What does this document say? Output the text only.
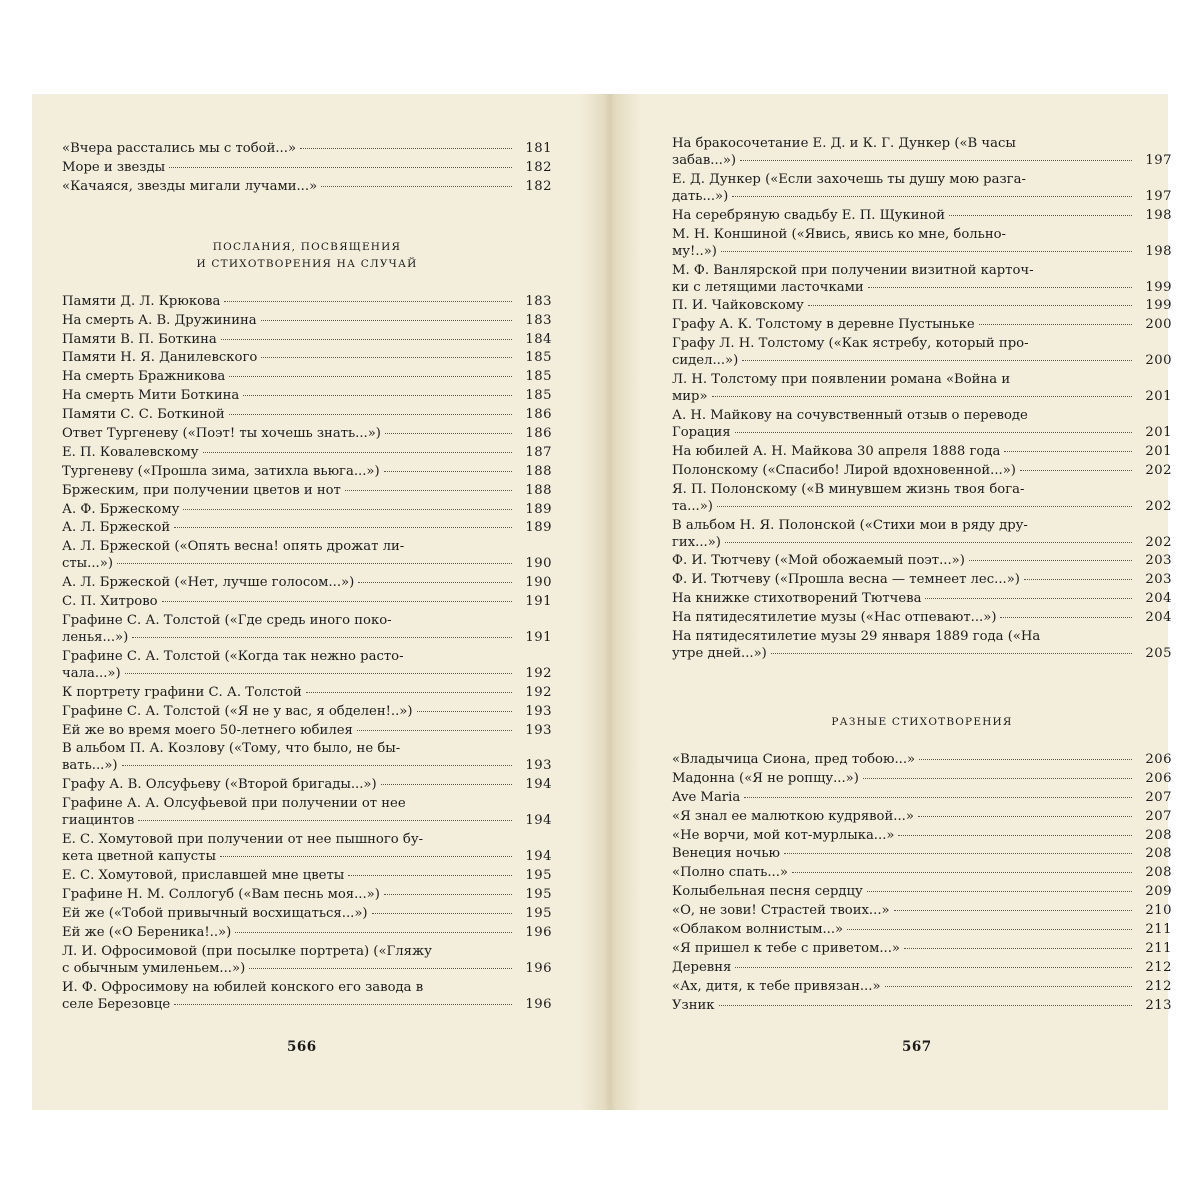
«Вчера расстались мы с тобой...»	181
Море и звезды	182
«Качаяся, звезды мигали лучами...»	182
ПОСЛАНИЯ, ПОСВЯЩЕНИЯ
И СТИХОТВОРЕНИЯ НА СЛУЧАЙ
Памяти Д. Л. Крюкова	183
На смерть А. В. Дружинина	183
Памяти В. П. Боткина	184
Памяти Н. Я. Данилевского	185
На смерть Бражникова	185
На смерть Мити Боткина	185
Памяти С. С. Боткиной	186
Ответ Тургеневу («Поэт! ты хочешь знать...»)	186
Е. П. Ковалевскому	187
Тургеневу («Прошла зима, затихла вьюга...»)	188
Бржеским, при получении цветов и нот	188
А. Ф. Бржескому	189
А. Л. Бржеской	189
А. Л. Бржеской («Опять весна! опять дрожат ли-
сты...»)	190
А. Л. Бржеской («Нет, лучше голосом...»)	190
С. П. Хитрово	191
Графине С. А. Толстой («Где средь иного поко-
ленья...»)	191
Графине С. А. Толстой («Когда так нежно расто-
чала...»)	192
К портрету графини С. А. Толстой	192
Графине С. А. Толстой («Я не у вас, я обделен!..»)	193
Ей же во время моего 50-летнего юбилея	193
В альбом П. А. Козлову («Тому, что было, не бы-
вать...»)	193
Графу А. В. Олсуфьеву («Второй бригады...»)	194
Графине А. А. Олсуфьевой при получении от нее
гиацинтов	194
Е. С. Хомутовой при получении от нее пышного бу-
кета цветной капусты	194
Е. С. Хомутовой, приславшей мне цветы	195
Графине Н. М. Соллогуб («Вам песнь моя...»)	195
Ей же («Тобой привычный восхищаться...»)	195
Ей же («О Береника!..»)	196
Л. И. Офросимовой (при посылке портрета) («Гляжу
с обычным умиленьем...»)	196
И. Ф. Офросимову на юбилей конского его завода в
селе Березовце	196
566
На бракосочетание Е. Д. и К. Г. Дункер («В часы
забав...»)	197
Е. Д. Дункер («Если захочешь ты душу мою разга-
дать...»)	197
На серебряную свадьбу Е. П. Щукиной	198
М. Н. Коншиной («Явись, явись ко мне, больно-
му!..»)	198
М. Ф. Ванлярской при получении визитной карточ-
ки с летящими ласточками	199
П. И. Чайковскому	199
Графу А. К. Толстому в деревне Пустыньке	200
Графу Л. Н. Толстому («Как ястребу, который про-
сидел...»)	200
Л. Н. Толстому при появлении романа «Война и
мир»	201
А. Н. Майкову на сочувственный отзыв о переводе
Горация	201
На юбилей А. Н. Майкова 30 апреля 1888 года	201
Полонскому («Спасибо! Лирой вдохновенной...»)	202
Я. П. Полонскому («В минувшем жизнь твоя бога-
та...»)	202
В альбом Н. Я. Полонской («Стихи мои в ряду дру-
гих...»)	202
Ф. И. Тютчеву («Мой обожаемый поэт...»)	203
Ф. И. Тютчеву («Прошла весна — темнеет лес...»)	203
На книжке стихотворений Тютчева	204
На пятидесятилетие музы («Нас отпевают...»)	204
На пятидесятилетие музы 29 января 1889 года («На
утре дней...»)	205
РАЗНЫЕ СТИХОТВОРЕНИЯ
«Владычица Сиона, пред тобою...»	206
Мадонна («Я не ропщу...»)	206
Ave Maria	207
«Я знал ее малюткою кудрявой...»	207
«Не ворчи, мой кот-мурлыка...»	208
Венеция ночью	208
«Полно спать...»	208
Колыбельная песня сердцу	209
«О, не зови! Страстей твоих...»	210
«Облаком волнистым...»	211
«Я пришел к тебе с приветом...»	211
Деревня	212
«Ах, дитя, к тебе привязан...»	212
Узник	213
567
